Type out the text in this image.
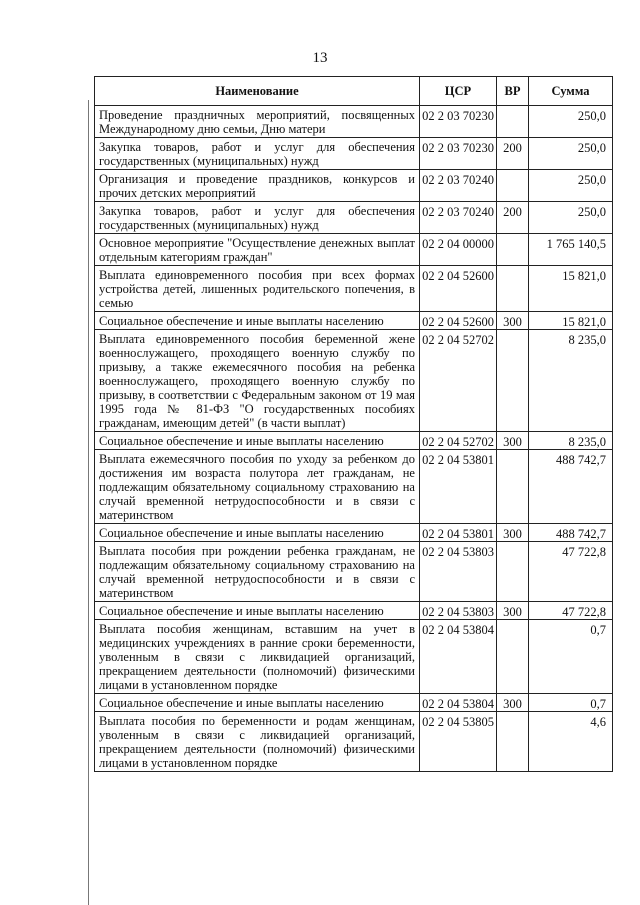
13
Наименование	ЦСР	ВР	Сумма
Проведение праздничных мероприятий, посвященных Международному дню семьи, Дню матери	02 2 03 70230		250,0
Закупка товаров, работ и услуг для обеспечения государственных (муниципальных) нужд	02 2 03 70230	200	250,0
Организация и проведение праздников, конкурсов и прочих детских мероприятий	02 2 03 70240		250,0
Закупка товаров, работ и услуг для обеспечения государственных (муниципальных) нужд	02 2 03 70240	200	250,0
Основное мероприятие "Осуществление денежных выплат отдельным категориям граждан"	02 2 04 00000		1 765 140,5
Выплата единовременного пособия при всех формах устройства детей, лишенных родительского попечения, в семью	02 2 04 52600		15 821,0
Социальное обеспечение и иные выплаты населению	02 2 04 52600	300	15 821,0
Выплата единовременного пособия беременной жене военнослужащего, проходящего военную службу по призыву, а также ежемесячного пособия на ребенка военнослужащего, проходящего военную службу по призыву, в соответствии с Федеральным законом от 19 мая 1995 года № 81-ФЗ "О государственных пособиях гражданам, имеющим детей" (в части выплат)	02 2 04 52702		8 235,0
Социальное обеспечение и иные выплаты населению	02 2 04 52702	300	8 235,0
Выплата ежемесячного пособия по уходу за ребенком до достижения им возраста полутора лет гражданам, не подлежащим обязательному социальному страхованию на случай временной нетрудоспособности и в связи с материнством	02 2 04 53801		488 742,7
Социальное обеспечение и иные выплаты населению	02 2 04 53801	300	488 742,7
Выплата пособия при рождении ребенка гражданам, не подлежащим обязательному социальному страхованию на случай временной нетрудоспособности и в связи с материнством	02 2 04 53803		47 722,8
Социальное обеспечение и иные выплаты населению	02 2 04 53803	300	47 722,8
Выплата пособия женщинам, вставшим на учет в медицинских учреждениях в ранние сроки беременности, уволенным в связи с ликвидацией организаций, прекращением деятельности (полномочий) физическими лицами в установленном порядке	02 2 04 53804		0,7
Социальное обеспечение и иные выплаты населению	02 2 04 53804	300	0,7
Выплата пособия по беременности и родам женщинам, уволенным в связи с ликвидацией организаций, прекращением деятельности (полномочий) физическими лицами в установленном порядке	02 2 04 53805		4,6
